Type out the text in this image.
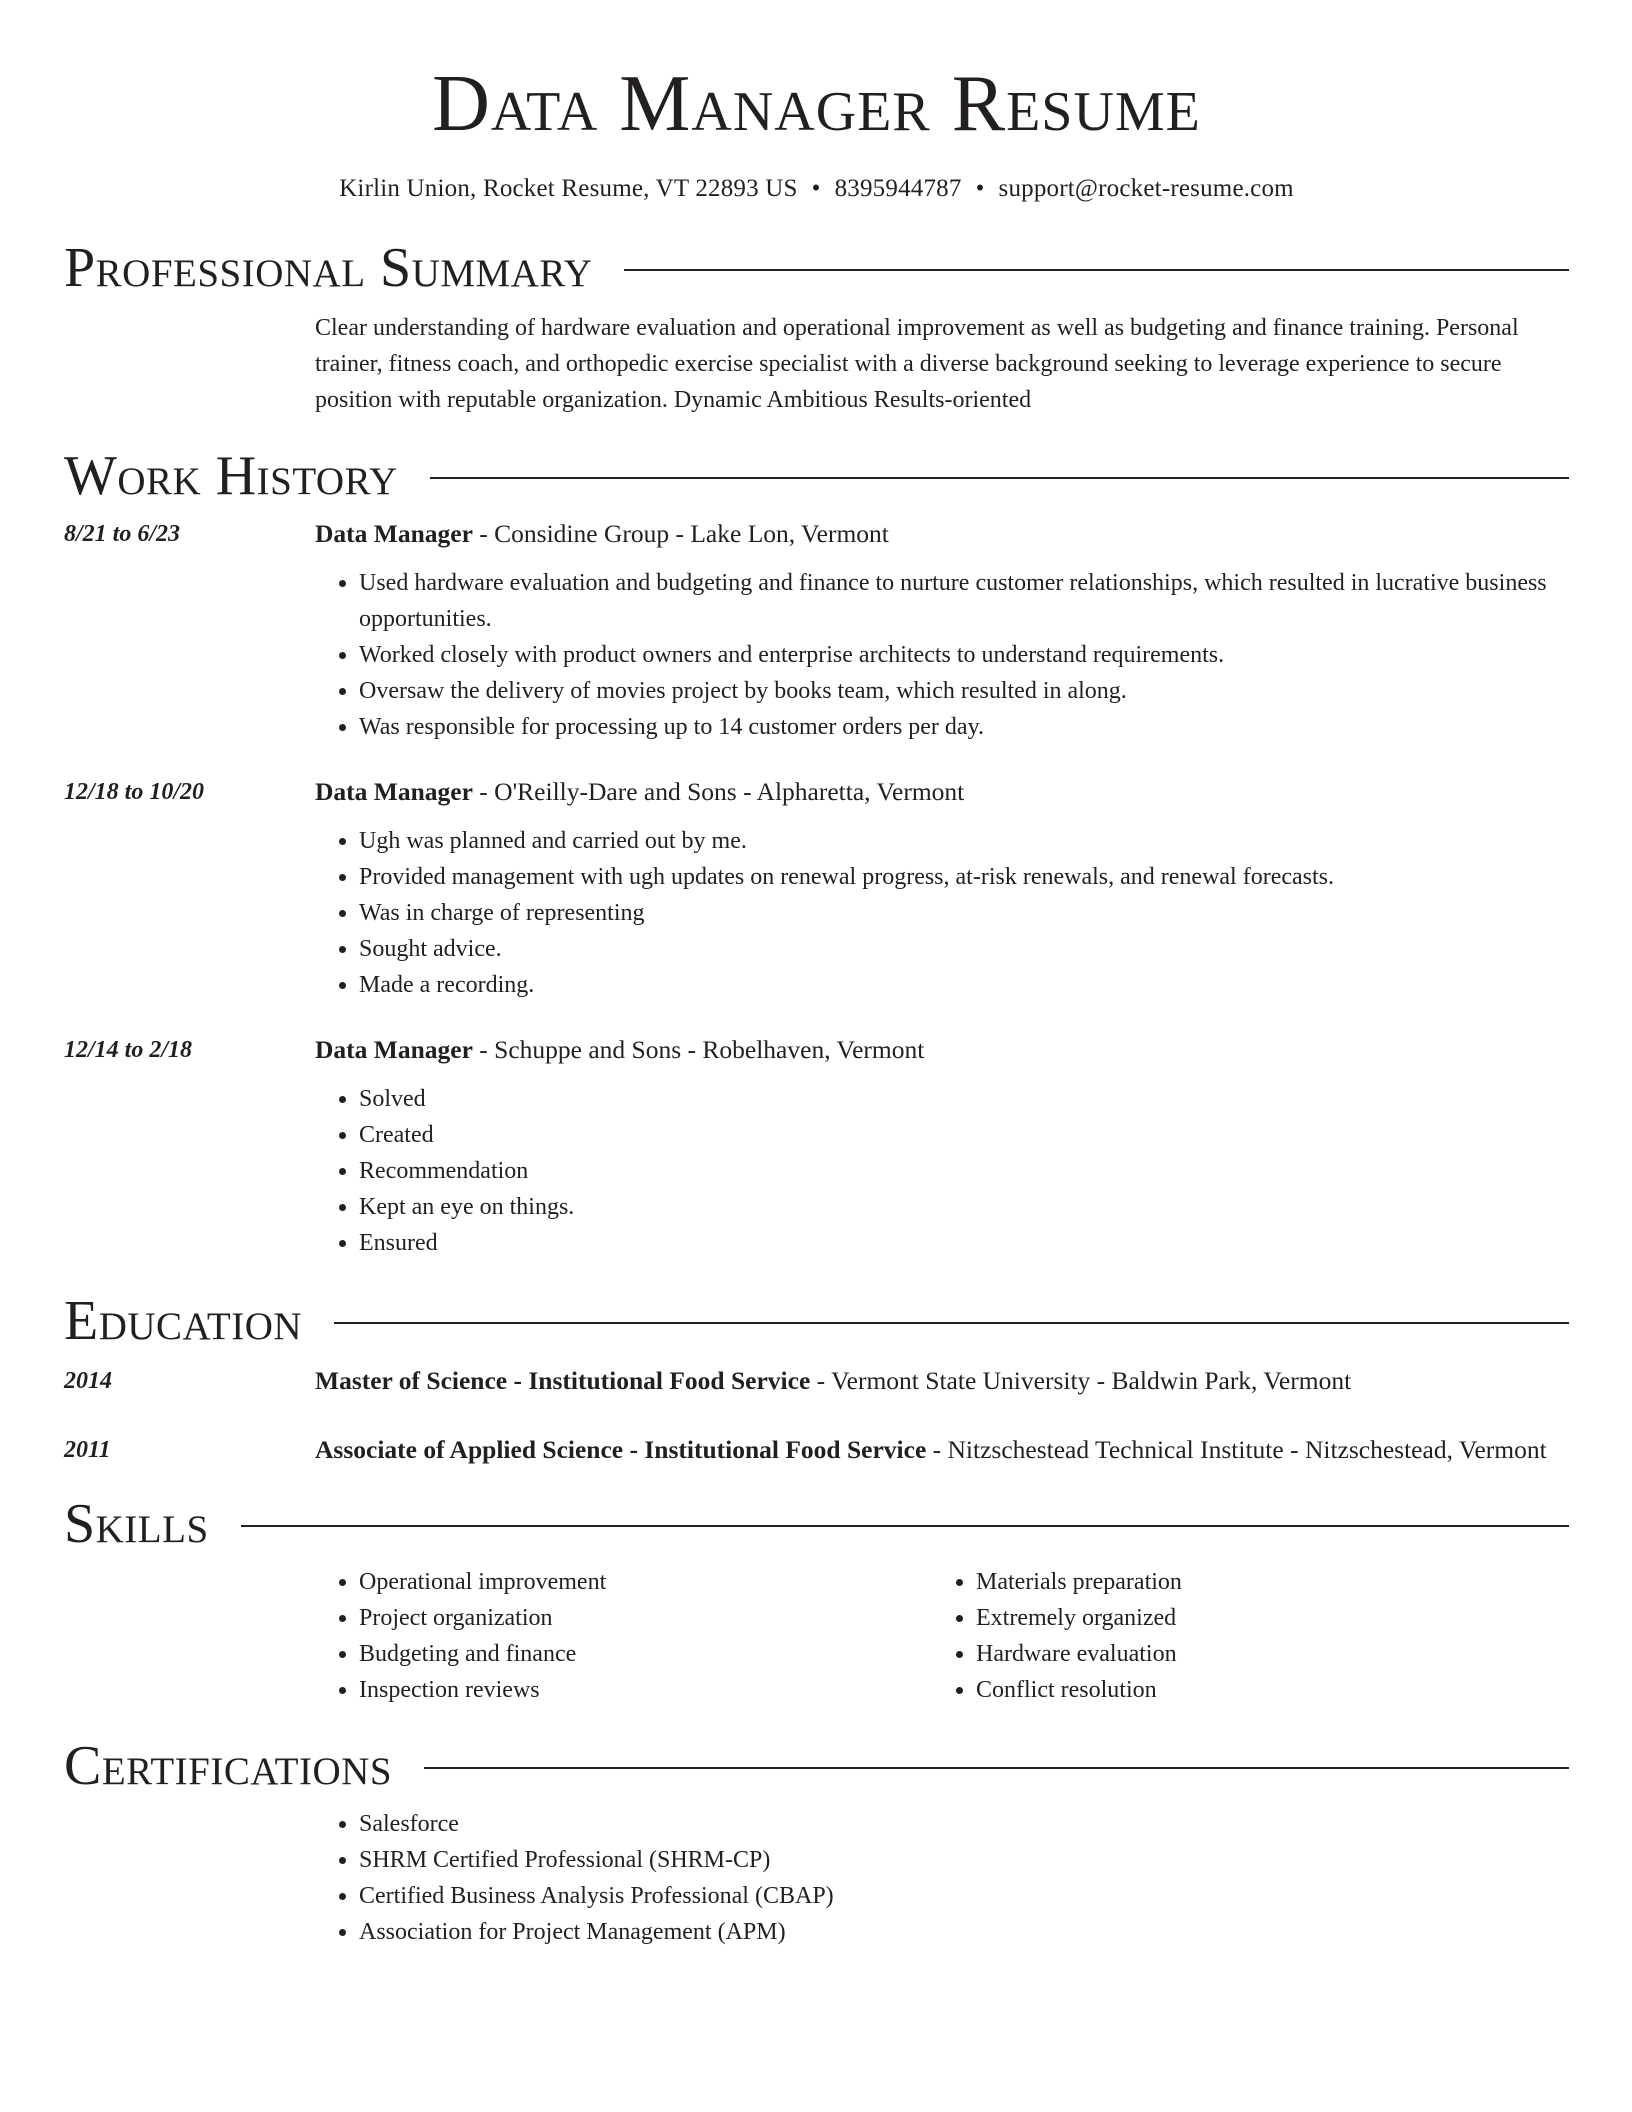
Data Manager Resume
Kirlin Union, Rocket Resume, VT 22893 US • 8395944787 • support@rocket-resume.com
Professional Summary
Clear understanding of hardware evaluation and operational improvement as well as budgeting and finance training. Personal trainer, fitness coach, and orthopedic exercise specialist with a diverse background seeking to leverage experience to secure position with reputable organization. Dynamic Ambitious Results-oriented
Work History
8/21 to 6/23	Data Manager - Considine Group - Lake Lon, Vermont
• Used hardware evaluation and budgeting and finance to nurture customer relationships, which resulted in lucrative business opportunities.
• Worked closely with product owners and enterprise architects to understand requirements.
• Oversaw the delivery of movies project by books team, which resulted in along.
• Was responsible for processing up to 14 customer orders per day.
12/18 to 10/20	Data Manager - O'Reilly-Dare and Sons - Alpharetta, Vermont
• Ugh was planned and carried out by me.
• Provided management with ugh updates on renewal progress, at-risk renewals, and renewal forecasts.
• Was in charge of representing
• Sought advice.
• Made a recording.
12/14 to 2/18	Data Manager - Schuppe and Sons - Robelhaven, Vermont
• Solved
• Created
• Recommendation
• Kept an eye on things.
• Ensured
Education
2014	Master of Science - Institutional Food Service - Vermont State University - Baldwin Park, Vermont
2011	Associate of Applied Science - Institutional Food Service - Nitzschestead Technical Institute - Nitzschestead, Vermont
Skills
• Operational improvement
• Project organization
• Budgeting and finance
• Inspection reviews
• Materials preparation
• Extremely organized
• Hardware evaluation
• Conflict resolution
Certifications
• Salesforce
• SHRM Certified Professional (SHRM-CP)
• Certified Business Analysis Professional (CBAP)
• Association for Project Management (APM)
